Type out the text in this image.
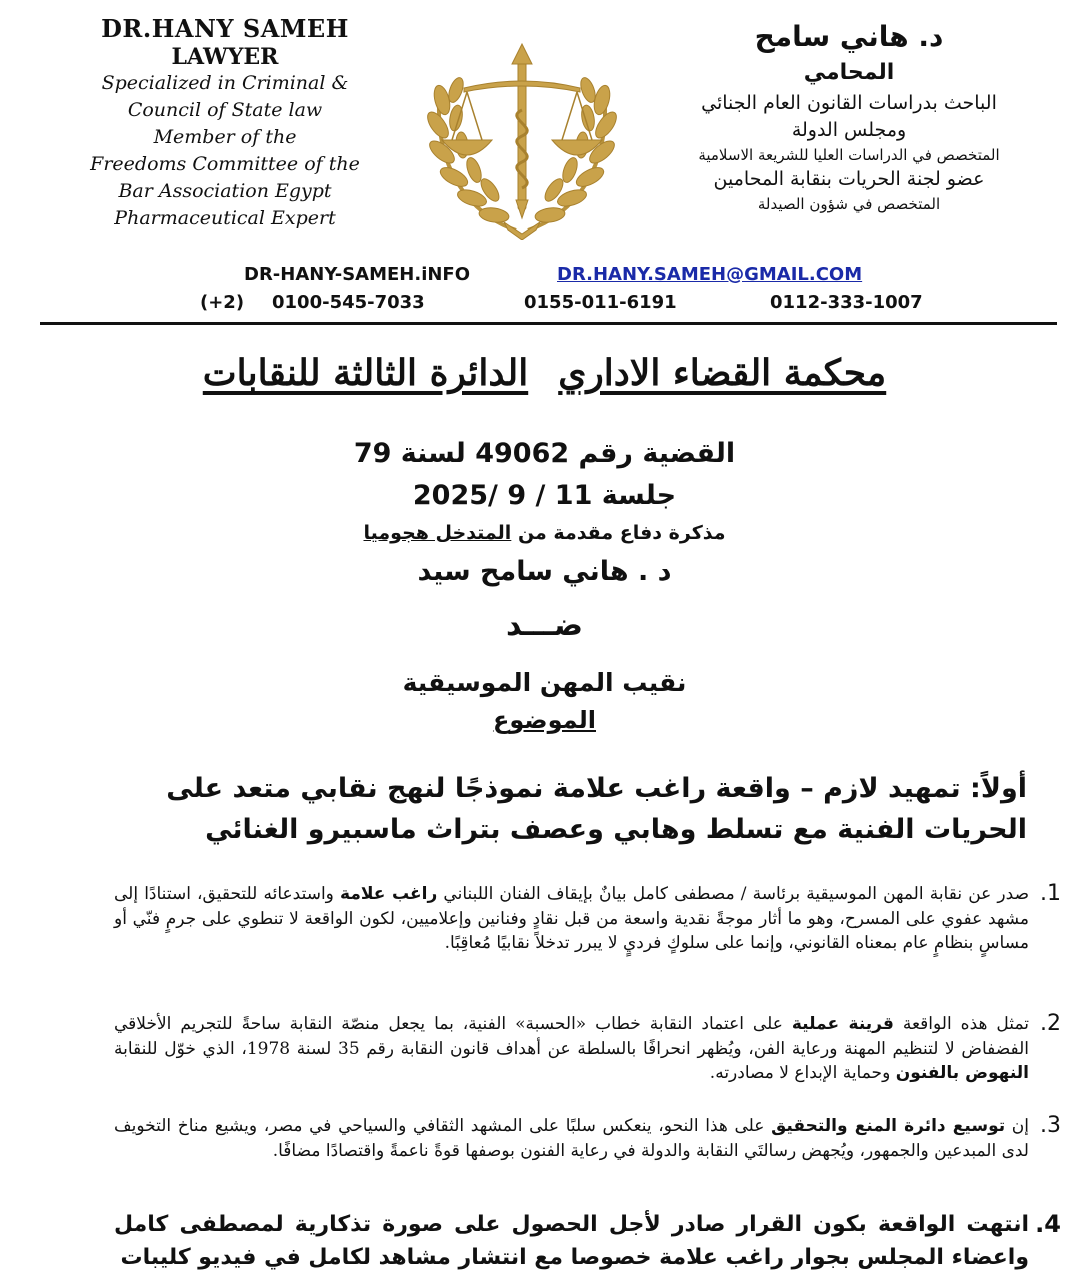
DR.HANY SAMEH
LAWYER
Specialized in Criminal &
Council of State law
Member of the
Freedoms Committee of the
Bar Association Egypt
Pharmaceutical Expert
د. هاني سامح
المحامي
الباحث بدراسات القانون العام الجنائي
ومجلس الدولة
المتخصص في الدراسات العليا للشريعة الاسلامية
عضو لجنة الحريات بنقابة المحامين
المتخصص في شؤون الصيدلة
DR-HANY-SAMEH.iNFO	DR.HANY.SAMEH@GMAIL.COM
(+2) 0100-545-7033	0155-011-6191	0112-333-1007
محكمة القضاء الاداريالدائرة الثالثة للنقابات
القضية رقم 49062 لسنة 79
جلسة 11 / 9 /2025
مذكرة دفاع مقدمة من المتدخل هجوميا
د . هاني سامح سيد
ضـــد
نقيب المهن الموسيقية
الموضوع
أولاً: تمهيد لازم – واقعة راغب علامة نموذجًا لنهج نقابي متعد على الحريات الفنية مع تسلط وهابي وعصف بتراث ماسبيرو الغنائي
1.
صدر عن نقابة المهن الموسيقية برئاسة / مصطفى كامل بيانٌ بإيقاف الفنان اللبناني راغب علامة واستدعائه للتحقيق، استنادًا إلى مشهد عفوي على المسرح، وهو ما أثار موجةً نقدية واسعة من قبل نقادٍ وفنانين وإعلاميين، لكون الواقعة لا تنطوي على جرمٍ فنّي أو مساسٍ بنظامٍ عام بمعناه القانوني، وإنما على سلوكٍ فرديٍ لا يبرر تدخلاً نقابيًا مُعاقِبًا.
2.
تمثل هذه الواقعة قرينة عملية على اعتماد النقابة خطاب «الحسبة» الفنية، بما يجعل منصّة النقابة ساحةً للتجريم الأخلاقي الفضفاض لا لتنظيم المهنة ورعاية الفن، ويُظهر انحرافًا بالسلطة عن أهداف قانون النقابة رقم 35 لسنة 1978، الذي خوّل للنقابة النهوض بالفنون وحماية الإبداع لا مصادرته.
3.
إن توسيع دائرة المنع والتحقيق على هذا النحو، ينعكس سلبًا على المشهد الثقافي والسياحي في مصر، ويشيع مناخ التخويف لدى المبدعين والجمهور، ويُجهض رسالتَي النقابة والدولة في رعاية الفنون بوصفها قوةً ناعمةً واقتصادًا مضافًا.
4.
انتهت الواقعة بكون القرار صادر لأجل الحصول على صورة تذكارية لمصطفى كامل واعضاء المجلس بجوار راغب علامة خصوصا مع انتشار مشاهد لكامل في فيديو كليبات
